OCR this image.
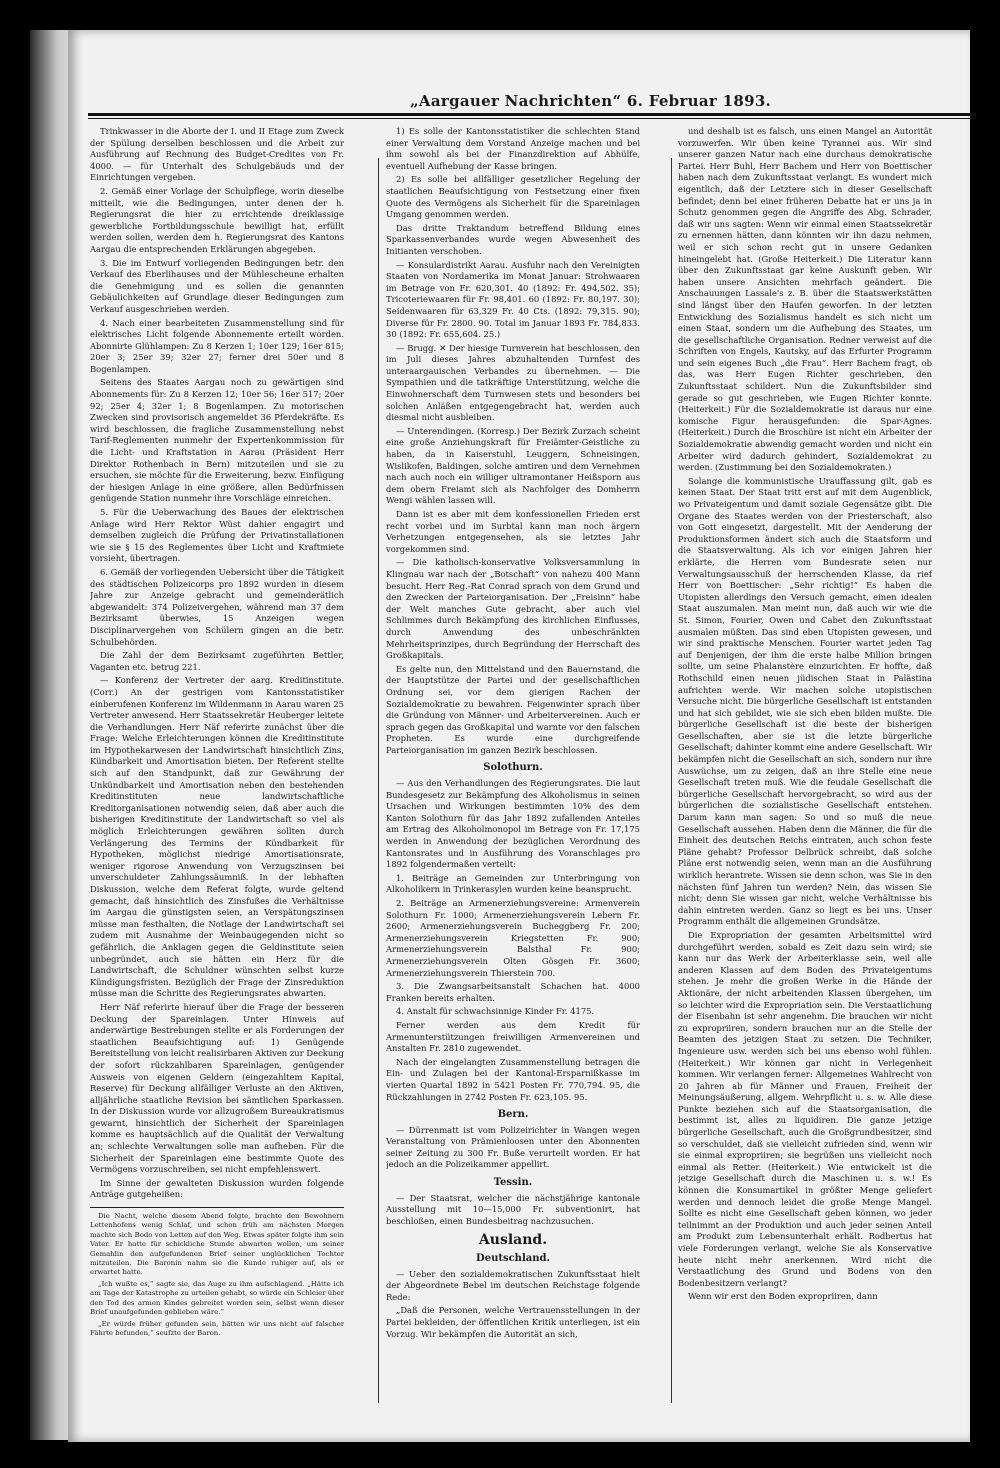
„Aargauer Nachrichten“ 6. Februar 1893.

Trinkwasser in die Aborte der I. und II Etage zum Zweck der Spülung derselben beschlossen und die Arbeit zur Ausführung auf Rechnung des Budget-Credites von Fr. 4000. — für Unterhalt des Schulgebäuds und der Einrichtungen vergeben.

2. Gemäß einer Vorlage der Schulpflege, worin dieselbe mitteilt, wie die Bedingungen, unter denen der h. Regierungsrat die hier zu errichtende dreiklassige gewerbliche Fortbildungsschule bewilligt hat, erfüllt werden sollen, werden dem h. Regierungsrat des Kantons Aargau die entsprechenden Erklärungen abgegeben.

3. Die im Entwurf vorliegenden Bedingungen betr. den Verkauf des Eberlihauses und der Mühlescheune erhalten die Genehmigung und es sollen die genannten Gebäulichkeiten auf Grundlage dieser Bedingungen zum Verkauf ausgeschrieben werden.

4. Nach einer bearbeiteten Zusammenstellung sind für elektrisches Licht folgende Abonnemente erteilt worden. Abonnirte Glühlampen: Zu 8 Kerzen 1; 10er 129; 16er 815; 20er 3; 25er 39; 32er 27; ferner drei 50er und 8 Bogenlampen.

Seitens des Staates Aargau noch zu gewärtigen sind Abonnements für: Zu 8 Kerzen 12; 10er 56; 16er 517; 20er 92; 25er 4; 32er 1; 8 Bogenlampen. Zu motorischen Zwecken sind provisorisch angemeldet 36 Pferdekräfte. Es wird beschlossen, die fragliche Zusammenstellung nebst Tarif-Reglementen nunmehr der Expertenkommission für die Licht- und Kraftstation in Aarau (Präsident Herr Direktor Rothenbach in Bern) mitzuteilen und sie zu ersuchen, sie möchte für die Erweiterung, bezw. Einfügung der hiesigen Anlage in eine größere, allen Bedürfnissen genügende Station nunmehr ihre Vorschläge einreichen.

5. Für die Ueberwachung des Baues der elektrischen Anlage wird Herr Rektor Wüst dahier engagirt und demselben zugleich die Prüfung der Privatinstallationen wie sie § 15 des Reglementes über Licht und Kraftmiete vorsieht, übertragen.

6. Gemäß der vorliegenden Uebersicht über die Tätigkeit des städtischen Polizeicorps pro 1892 wurden in diesem Jahre zur Anzeige gebracht und gemeinderätlich abgewandelt: 374 Polizeivergehen, während man 37 dem Bezirksamt überwies, 15 Anzeigen wegen Disciplinarvergehen von Schülern gingen an die betr. Schulbehörden.

Die Zahl der dem Bezirksamt zugeführten Bettler, Vaganten etc. betrug 221.

— Konferenz der Vertreter der aarg. Kreditinstitute. (Corr.) An der gestrigen vom Kantonsstatistiker einberufenen Konferenz im Wildenmann in Aarau waren 25 Vertreter anwesend. Herr Staatssekretär Heuberger leitete die Verhandlungen. Herr Näf referirte zunächst über die Frage: Welche Erleichterungen können die Kreditinstitute im Hypothekarwesen der Landwirtschaft hinsichtlich Zins, Kündbarkeit und Amortisation bieten. Der Referent stellte sich auf den Standpunkt, daß zur Gewährung der Unkündbarkeit und Amortisation neben den bestehenden Kreditinstituten neue landwirtschaftliche Kreditorganisationen notwendig seien, daß aber auch die bisherigen Kreditinstitute der Landwirtschaft so viel als möglich Erleichterungen gewähren sollten durch Verlängerung des Termins der Kündbarkeit für Hypotheken, möglichst niedrige Amortisationsrate, weniger rigorose Anwendung von Verzugszinsen bei unverschuldeter Zahlungssäumniß. In der lebhaften Diskussion, welche dem Referat folgte, wurde geltend gemacht, daß hinsichtlich des Zinsfußes die Verhältnisse im Aargau die günstigsten seien, an Verspätungszinsen müsse man festhalten, die Notlage der Landwirtschaft sei zudem mit Ausnahme der Weinbaugegenden nicht so gefährlich, die Anklagen gegen die Geldinstitute seien unbegründet, auch sie hätten ein Herz für die Landwirtschaft, die Schuldner wünschten selbst kurze Kündigungsfristen. Bezüglich der Frage der Zinsreduktion müsse man die Schritte des Regierungsrates abwarten.

Herr Näf referirte hierauf über die Frage der besseren Deckung der Spareinlagen. Unter Hinweis auf anderwärtige Bestrebungen stellte er als Forderungen der staatlichen Beaufsichtigung auf: 1) Genügende Bereitstellung von leicht realisirbaren Aktiven zur Deckung der sofort rückzahlbaren Spareinlagen, genügender Ausweis von eigenen Geldern (eingezahltem Kapital, Reserve) für Deckung allfälliger Verluste an den Aktiven, alljährliche staatliche Revision bei sämtlichen Sparkassen. In der Diskussion wurde vor allzugroßem Bureaukratismus gewarnt, hinsichtlich der Sicherheit der Spareinlagen komme es hauptsächlich auf die Qualität der Verwaltung an; schlechte Verwaltungen solle man aufheben. Für die Sicherheit der Spareinlagen eine bestimmte Quote des Vermögens vorzuschreiben, sei nicht empfehlenswert.

Im Sinne der gewalteten Diskussion wurden folgende Anträge gutgeheißen:

Die Nacht, welche diesem Abend folgte, brachte den Bewohnern Lettenhofens wenig Schlaf, und schon früh am nächsten Morgen machte sich Bodo von Letten auf den Weg. Etwas später folgte ihm sein Vater. Er hatte für schickliche Stunde abwarten wollen, um seiner Gemahlin den aufgefundenen Brief seiner unglücklichen Tochter mitzuteilen. Die Baronin nahm sie die Kunde ruhiger auf, als er erwartet hatte.

„Ich wußte es,“ sagte sie, das Auge zu ihm aufschlagend. „Hätte ich am Tage der Katastrophe zu urteilen gehabt, so würde ein Schleier über den Tod des armen Kindes gebreitet worden sein, selbst wenn dieser Brief unaufgefunden geblieben wäre.“

„Er würde früher gefunden sein, hätten wir uns nicht auf falscher Fährte befunden,“ seufzte der Baron.

1) Es solle der Kantonsstatistiker die schlechten Stand einer Verwaltung dem Vorstand Anzeige machen und bei ihm sowohl als bei der Finanzdirektion auf Abhülfe, eventuell Aufhebung der Kasse bringen.

2) Es solle bei allfälliger gesetzlicher Regelung der staatlichen Beaufsichtigung von Festsetzung einer fixen Quote des Vermögens als Sicherheit für die Spareinlagen Umgang genommen werden.

Das dritte Traktandum betreffend Bildung eines Sparkassenverbandes wurde wegen Abwesenheit des Initianten verschoben.

— Konsulardistrikt Aarau. Ausfuhr nach den Vereinigten Staaten von Nordamerika im Monat Januar: Strohwaaren im Betrage von Fr. 620,301. 40 (1892: Fr. 494,502. 35); Tricoteriewaaren für Fr. 98,401. 60 (1892: Fr. 80,197. 30); Seidenwaaren für 63,329 Fr. 40 Cts. (1892: 79,315. 90); Diverse für Fr. 2800. 90. Total im Januar 1893 Fr. 784,833. 30 (1892: Fr. 655,604. 25.)

— Brugg. ✕ Der hiesige Turnverein hat beschlossen, den im Juli dieses Jahres abzuhaltenden Turnfest des unteraargauischen Verbandes zu übernehmen. — Die Sympathien und die tatkräftige Unterstützung, welche die Einwohnerschaft dem Turnwesen stets und besonders bei solchen Anläßen entgegengebracht hat, werden auch diesmal nicht ausbleiben.

— Unterendingen. (Korresp.) Der Bezirk Zurzach scheint eine große Anziehungskraft für Freiämter-Geistliche zu haben, da in Kaiserstuhl, Leuggern, Schneisingen, Wislikofen, Baldingen, solche amtiren und dem Vernehmen nach auch noch ein williger ultramontaner Heißsporn aus dem obern Freiamt sich als Nachfolger des Domherrn Wengi wählen lassen will.

Dann ist es aber mit dem konfessionellen Frieden erst recht vorbei und im Surbtal kann man noch ärgern Verhetzungen entgegensehen, als sie letztes Jahr vorgekommen sind.

— Die katholisch-konservative Volksversammlung in Klingnau war nach der „Botschaft“ von nahezu 400 Mann besucht. Herr Reg.-Rat Conrad sprach von dem Grund und den Zwecken der Parteiorganisation. Der „Freisinn“ habe der Welt manches Gute gebracht, aber auch viel Schlimmes durch Bekämpfung des kirchlichen Einflusses, durch Anwendung des unbeschränkten Mehrheitsprinzipes, durch Begründung der Herrschaft des Großkapitals.

Es gelte nun, den Mittelstand und den Bauernstand, die der Hauptstütze der Partei und der gesellschaftlichen Ordnung sei, vor dem gierigen Rachen der Sozialdemokratie zu bewahren. Feigenwinter sprach über die Gründung von Männer- und Arbeitervereinen. Auch er sprach gegen das Großkapital und warnte vor den falschen Propheten. Es wurde eine durchgreifende Parteiorganisation im ganzen Bezirk beschlossen.

Solothurn.

— Aus den Verhandlungen des Regierungsrates. Die laut Bundesgesetz zur Bekämpfung des Alkoholismus in seinen Ursachen und Wirkungen bestimmten 10% des dem Kanton Solothurn für das Jahr 1892 zufallenden Anteiles am Ertrag des Alkoholmonopol im Betrage von Fr. 17,175 werden in Anwendung der bezüglichen Verordnung des Kantonsrates und in Ausführung des Voranschlages pro 1892 folgendermaßen verteilt:

1. Beiträge an Gemeinden zur Unterbringung von Alkoholikern in Trinkerasylen wurden keine beansprucht.

2. Beiträge an Armenerziehungsvereine: Armenverein Solothurn Fr. 1000; Armenerziehungsverein Lebern Fr. 2600; Armenerziehungsverein Bucheggberg Fr. 200; Armenerziehungsverein Kriegstetten Fr. 900; Armenerziehungsverein Balsthal Fr. 900; Armenerziehungsverein Olten Gösgen Fr. 3600; Armenerziehungsverein Thierstein 700.

3. Die Zwangsarbeitsanstalt Schachen hat. 4000 Franken bereits erhalten.

4. Anstalt für schwachsinnige Kinder Fr. 4175.

Ferner werden aus dem Kredit für Armenunterstützungen freiwilligen Armenvereinen und Anstalten Fr. 2810 zugewendet.

Nach der eingelangten Zusammenstellung betragen die Ein- und Zulagen bei der Kantonal-Ersparnißkasse im vierten Quartal 1892 in 5421 Posten Fr. 770,794. 95, die Rückzahlungen in 2742 Posten Fr. 623,105. 95.

Bern.

— Dürrenmatt ist vom Polizeirichter in Wangen wegen Veranstaltung von Prämienloosen unter den Abonnenten seiner Zeitung zu 300 Fr. Buße verurteilt worden. Er hat jedoch an die Polizeikammer appellirt.

Tessin.

— Der Staatsrat, welcher die nächstjährige kantonale Ausstellung mit 10—15,000 Fr. subventionirt, hat beschloßen, einen Bundesbeitrag nachzusuchen.

Ausland.
Deutschland.

— Ueber den sozialdemokratischen Zukunftsstaat hielt der Abgeordnete Bebel im deutschen Reichstage folgende Rede:

„Daß die Personen, welche Vertrauensstellungen in der Partei bekleiden, der öffentlichen Kritik unterliegen, ist ein Vorzug. Wir bekämpfen die Autorität an sich,

und deshalb ist es falsch, uns einen Mangel an Autorität vorzuwerfen. Wir üben keine Tyrannei aus. Wir sind unserer ganzen Natur nach eine durchaus demokratische Partei. Herr Buhl, Herr Bachem und Herr von Boettischer haben nach dem Zukunftsstaat verlangt. Es wundert mich eigentlich, daß der Letztere sich in dieser Gesellschaft befindet; denn bei einer früheren Debatte hat er uns ja in Schutz genommen gegen die Angriffe des Abg. Schrader, daß wir uns sagten: Wenn wir einmal einen Staatssekretär zu ernennen hätten, dann könnten wir ihn dazu nehmen, weil er sich schon recht gut in unsere Gedanken hineingelebt hat. (Große Heiterkeit.) Die Literatur kann über den Zukunftsstaat gar keine Auskunft geben. Wir haben unsere Ansichten mehrfach geändert. Die Anschauungen Lassale's z. B. über die Staatswerkstätten sind längst über den Haufen geworfen. In der letzten Entwicklung des Sozialismus handelt es sich nicht um einen Staat, sondern um die Aufhebung des Staates, um die gesellschaftliche Organisation. Redner verweist auf die Schriften von Engels, Kautsky, auf das Erfurter Programm und sein eigenes Buch „die Frau“. Herr Bachem fragt, ob das, was Herr Eugen Richter geschrieben, den Zukunftsstaat schildert. Nun die Zukunftsbilder sind gerade so gut geschrieben, wie Eugen Richter konnte. (Heiterkeit.) Für die Sozialdemokratie ist daraus nur eine komische Figur herausgefunden: die Spar-Agnes. (Heiterkeit.) Durch die Broschüre ist nicht ein Arbeiter der Sozialdemokratie abwendig gemacht worden und nicht ein Arbeiter wird dadurch gehindert, Sozialdemokrat zu werden. (Zustimmung bei den Sozialdemokraten.)

Solange die kommunistische Urauffassung gilt, gab es keinen Staat. Der Staat tritt erst auf mit dem Augenblick, wo Privateigentum und damit soziale Gegensätze gibt. Die Organe des Staates werden von der Priesterschaft, also von Gott eingesetzt, dargestellt. Mit der Aenderung der Produktionsformen ändert sich auch die Staatsform und die Staatsverwaltung. Als ich vor einigen Jahren hier erklärte, die Herren vom Bundesrate seien nur Verwaltungsausschuß der herrschenden Klasse, da rief Herr von Boettischer: „Sehr richtig!“ Es haben die Utopisten allerdings den Versuch gemacht, einen idealen Staat auszumalen. Man meint nun, daß auch wir wie die St. Simon, Fourier, Owen und Cabet den Zukunftsstaat ausmalen müßten. Das sind eben Utopisten gewesen, und wir sind praktische Menschen. Fourier wartet jeden Tag auf Denjenigen, der ihm die erste halbe Million bringen sollte, um seine Phalanstère einzurichten. Er hoffte, daß Rothschild einen neuen jüdischen Staat in Palästina aufrichten werde. Wir machen solche utopistischen Versuche nicht. Die bürgerliche Gesellschaft ist entstanden und hat sich gebildet, wie sie sich eben bilden mußte. Die bürgerliche Gesellschaft ist die beste der bisherigen Gesellschaften, aber sie ist die letzte bürgerliche Gesellschaft; dahinter kommt eine andere Gesellschaft. Wir bekämpfen nicht die Gesellschaft an sich, sondern nur ihre Auswüchse, um zu zeigen, daß an ihre Stelle eine neue Gesellschaft treten muß. Wie die feudale Gesellschaft die bürgerliche Gesellschaft hervorgebracht, so wird aus der bürgerlichen die sozialistische Gesellschaft entstehen. Darum kann man sagen: So und so muß die neue Gesellschaft aussehen. Haben denn die Männer, die für die Einheit des deutschen Reichs eintraten, auch schon feste Pläne gehabt? Professor Delbrück schreibt, daß solche Pläne erst notwendig seien, wenn man an die Ausführung wirklich herantrete. Wissen sie denn schon, was Sie in den nächsten fünf Jahren tun werden? Nein, das wissen Sie nicht; denn Sie wissen gar nicht, welche Verhältnisse bis dahin eintreten werden. Ganz so liegt es bei uns. Unser Programm enthält die allgemeinen Grundsätze.

Die Expropriation der gesamten Arbeitsmittel wird durchgeführt werden, sobald es Zeit dazu sein wird; sie kann nur das Werk der Arbeiterklasse sein, weil alle anderen Klassen auf dem Boden des Privateigentums stehen. Je mehr die großen Werke in die Hände der Aktionäre, der nicht arbeitenden Klassen übergehen, um so leichter wird die Expropriation sein. Die Verstaatlichung der Eisenbahn ist sehr angenehm. Die brauchen wir nicht zu expropriiren, sondern brauchen nur an die Stelle der Beamten des jetzigen Staat zu setzen. Die Techniker, Ingenieure usw. werden sich bei uns ebenso wohl fühlen. (Heiterkeit.) Wir können gar nicht in Verlegenheit kommen. Wir verlangen ferner: Allgemeines Wahlrecht von 20 Jahren ab für Männer und Frauen, Freiheit der Meinungsäußerung, allgem. Wehrpflicht u. s. w. Alle diese Punkte beziehen sich auf die Staatsorganisation, die bestimmt ist, alles zu liquidiren. Die ganze jetzige bürgerliche Gesellschaft, auch die Großgrundbesitzer, sind so verschuldet, daß sie vielleicht zufrieden sind, wenn wir sie einmal expropriiren; sie begrüßen uns vielleicht noch einmal als Retter. (Heiterkeit.) Wie entwickelt ist die jetzige Gesellschaft durch die Maschinen u. s. w.! Es können die Konsumartikel in größter Menge geliefert werden und dennoch leidet die große Menge Mangel. Sollte es nicht eine Gesellschaft geben können, wo jeder teilnimmt an der Produktion und auch jeder seinen Anteil am Produkt zum Lebensunterhalt erhält. Rodbertus hat viele Forderungen verlangt, welche Sie als Konservative heute nicht mehr anerkennen. Wird nicht die Verstaatlichung des Grund und Bodens von den Bodenbesitzern verlangt?

Wenn wir erst den Boden expropriiren, dann
